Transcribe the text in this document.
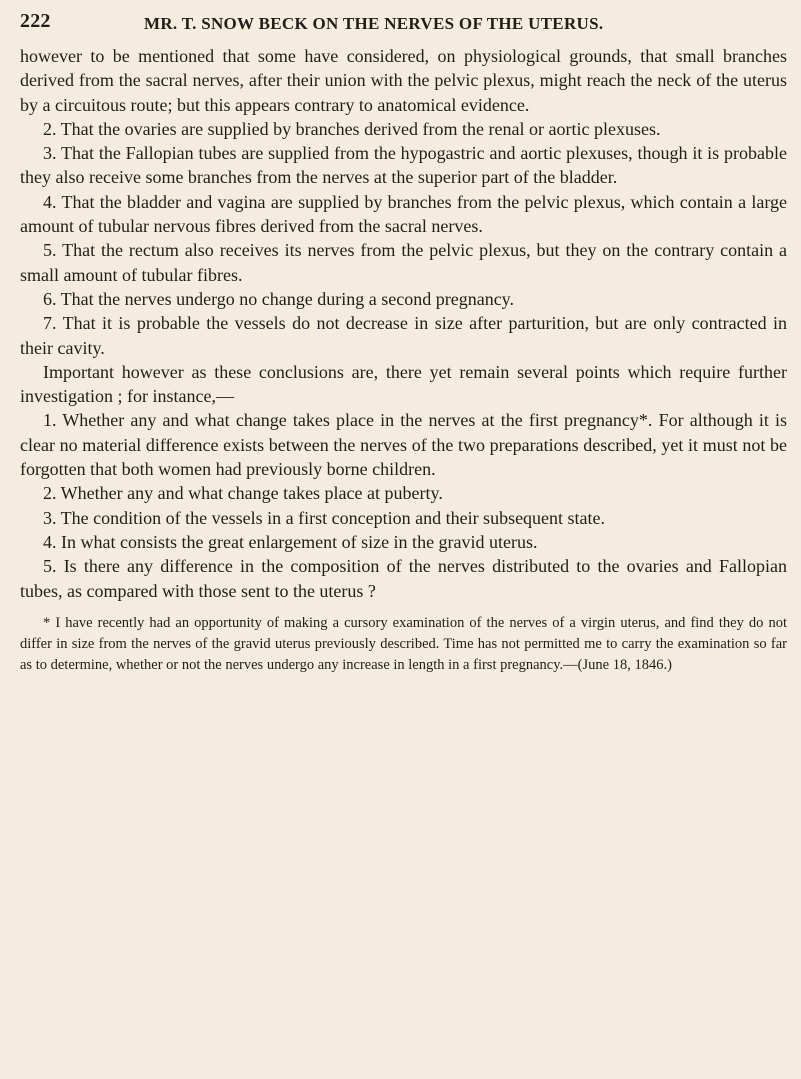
222	MR. T. SNOW BECK ON THE NERVES OF THE UTERUS.

however to be mentioned that some have considered, on physiological grounds, that small branches derived from the sacral nerves, after their union with the pelvic plexus, might reach the neck of the uterus by a circuitous route; but this appears contrary to anatomical evidence.

2. That the ovaries are supplied by branches derived from the renal or aortic plexuses.

3. That the Fallopian tubes are supplied from the hypogastric and aortic plexuses, though it is probable they also receive some branches from the nerves at the superior part of the bladder.

4. That the bladder and vagina are supplied by branches from the pelvic plexus, which contain a large amount of tubular nervous fibres derived from the sacral nerves.

5. That the rectum also receives its nerves from the pelvic plexus, but they on the contrary contain a small amount of tubular fibres.

6. That the nerves undergo no change during a second pregnancy.

7. That it is probable the vessels do not decrease in size after parturition, but are only contracted in their cavity.

Important however as these conclusions are, there yet remain several points which require further investigation ; for instance,—

1. Whether any and what change takes place in the nerves at the first pregnancy*. For although it is clear no material difference exists between the nerves of the two preparations described, yet it must not be forgotten that both women had previously borne children.

2. Whether any and what change takes place at puberty.

3. The condition of the vessels in a first conception and their subsequent state.

4. In what consists the great enlargement of size in the gravid uterus.

5. Is there any difference in the composition of the nerves distributed to the ovaries and Fallopian tubes, as compared with those sent to the uterus ?

* I have recently had an opportunity of making a cursory examination of the nerves of a virgin uterus, and find they do not differ in size from the nerves of the gravid uterus previously described. Time has not permitted me to carry the examination so far as to determine, whether or not the nerves undergo any increase in length in a first pregnancy.—(June 18, 1846.)
